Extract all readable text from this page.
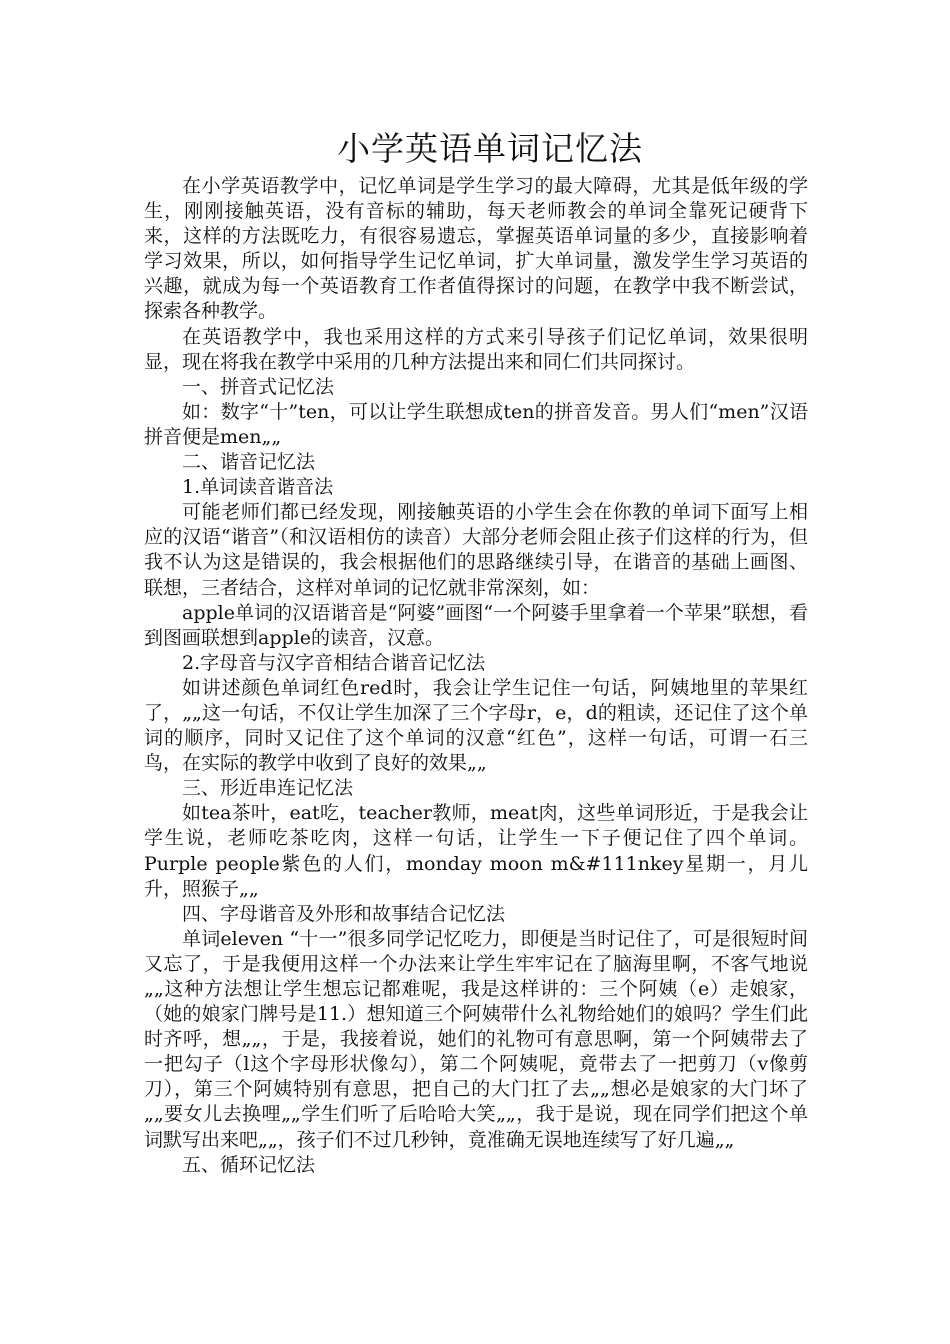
小学英语单词记忆法

在小学英语教学中，记忆单词是学生学习的最大障碍，尤其是低年级的学生，刚刚接触英语，没有音标的辅助，每天老师教会的单词全靠死记硬背下来，这样的方法既吃力，有很容易遗忘，掌握英语单词量的多少，直接影响着学习效果，所以，如何指导学生记忆单词，扩大单词量，激发学生学习英语的兴趣，就成为每一个英语教育工作者值得探讨的问题，在教学中我不断尝试，探索各种教学。

在英语教学中，我也采用这样的方式来引导孩子们记忆单词，效果很明显，现在将我在教学中采用的几种方法提出来和同仁们共同探讨。

一、拼音式记忆法

如：数字“十”ten，可以让学生联想成ten的拼音发音。男人们“men”汉语拼音便是men„„

二、谐音记忆法

1.单词读音谐音法

可能老师们都已经发现，刚接触英语的小学生会在你教的单词下面写上相应的汉语“谐音”（和汉语相仿的读音）大部分老师会阻止孩子们这样的行为，但我不认为这是错误的，我会根据他们的思路继续引导，在谐音的基础上画图、联想，三者结合，这样对单词的记忆就非常深刻，如：

apple单词的汉语谐音是“阿婆”画图“一个阿婆手里拿着一个苹果”联想，看到图画联想到apple的读音，汉意。

2.字母音与汉字音相结合谐音记忆法

如讲述颜色单词红色red时，我会让学生记住一句话，阿姨地里的苹果红了，„„这一句话，不仅让学生加深了三个字母r，e，d的粗读，还记住了这个单词的顺序，同时又记住了这个单词的汉意“红色”，这样一句话，可谓一石三鸟，在实际的教学中收到了良好的效果„„

三、形近串连记忆法

如tea茶叶，eat吃，teacher教师，meat肉，这些单词形近，于是我会让学生说，老师吃茶吃肉，这样一句话，让学生一下子便记住了四个单词。Purple people紫色的人们，monday moon m&#111nkey星期一，月儿升，照猴子„„

四、字母谐音及外形和故事结合记忆法

单词eleven “十一”很多同学记忆吃力，即便是当时记住了，可是很短时间又忘了，于是我便用这样一个办法来让学生牢牢记在了脑海里啊，不客气地说„„这种方法想让学生想忘记都难呢，我是这样讲的：三个阿姨（e）走娘家，（她的娘家门牌号是11.）想知道三个阿姨带什么礼物给她们的娘吗？学生们此时齐呼，想„„，于是，我接着说，她们的礼物可有意思啊，第一个阿姨带去了一把勾子（l这个字母形状像勾），第二个阿姨呢，竟带去了一把剪刀（v像剪刀），第三个阿姨特别有意思，把自己的大门扛了去„„想必是娘家的大门坏了„„要女儿去换哩„„学生们听了后哈哈大笑„„，我于是说，现在同学们把这个单词默写出来吧„„，孩子们不过几秒钟，竟准确无误地连续写了好几遍„„

五、循环记忆法
